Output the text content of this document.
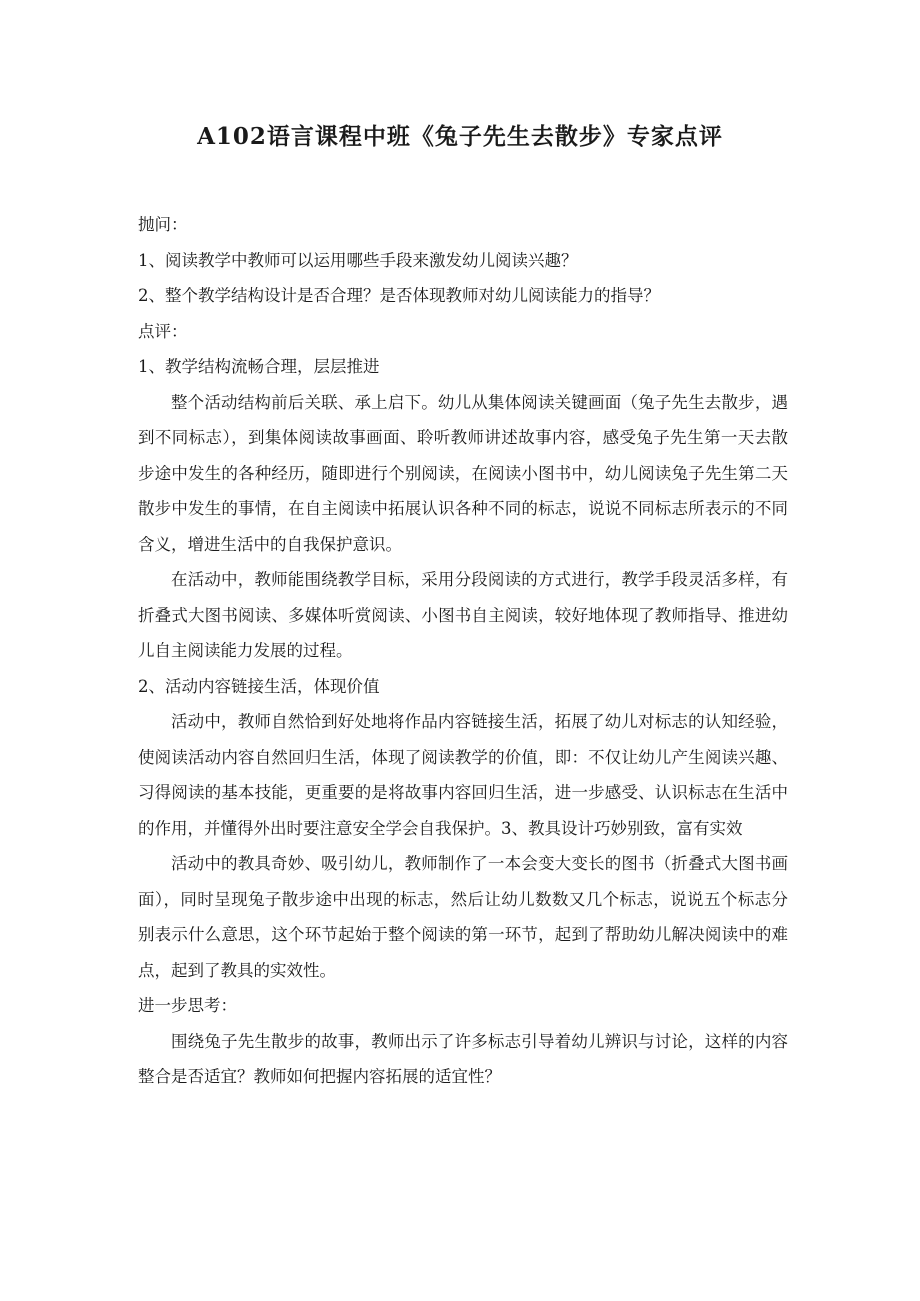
A102语言课程中班《兔子先生去散步》专家点评

抛问：

1、阅读教学中教师可以运用哪些手段来激发幼儿阅读兴趣？

2、整个教学结构设计是否合理？是否体现教师对幼儿阅读能力的指导？

点评：

1、教学结构流畅合理，层层推进

整个活动结构前后关联、承上启下。幼儿从集体阅读关键画面（兔子先生去散步，遇到不同标志），到集体阅读故事画面、聆听教师讲述故事内容，感受兔子先生第一天去散步途中发生的各种经历，随即进行个别阅读，在阅读小图书中，幼儿阅读兔子先生第二天散步中发生的事情，在自主阅读中拓展认识各种不同的标志，说说不同标志所表示的不同含义，增进生活中的自我保护意识。

在活动中，教师能围绕教学目标，采用分段阅读的方式进行，教学手段灵活多样，有折叠式大图书阅读、多媒体听赏阅读、小图书自主阅读，较好地体现了教师指导、推进幼儿自主阅读能力发展的过程。

2、活动内容链接生活，体现价值

活动中，教师自然恰到好处地将作品内容链接生活，拓展了幼儿对标志的认知经验，使阅读活动内容自然回归生活，体现了阅读教学的价值，即：不仅让幼儿产生阅读兴趣、习得阅读的基本技能，更重要的是将故事内容回归生活，进一步感受、认识标志在生活中的作用，并懂得外出时要注意安全学会自我保护。3、教具设计巧妙别致，富有实效

活动中的教具奇妙、吸引幼儿，教师制作了一本会变大变长的图书（折叠式大图书画面），同时呈现兔子散步途中出现的标志，然后让幼儿数数又几个标志，说说五个标志分别表示什么意思，这个环节起始于整个阅读的第一环节，起到了帮助幼儿解决阅读中的难点，起到了教具的实效性。

进一步思考：

围绕兔子先生散步的故事，教师出示了许多标志引导着幼儿辨识与讨论，这样的内容整合是否适宜？教师如何把握内容拓展的适宜性？
